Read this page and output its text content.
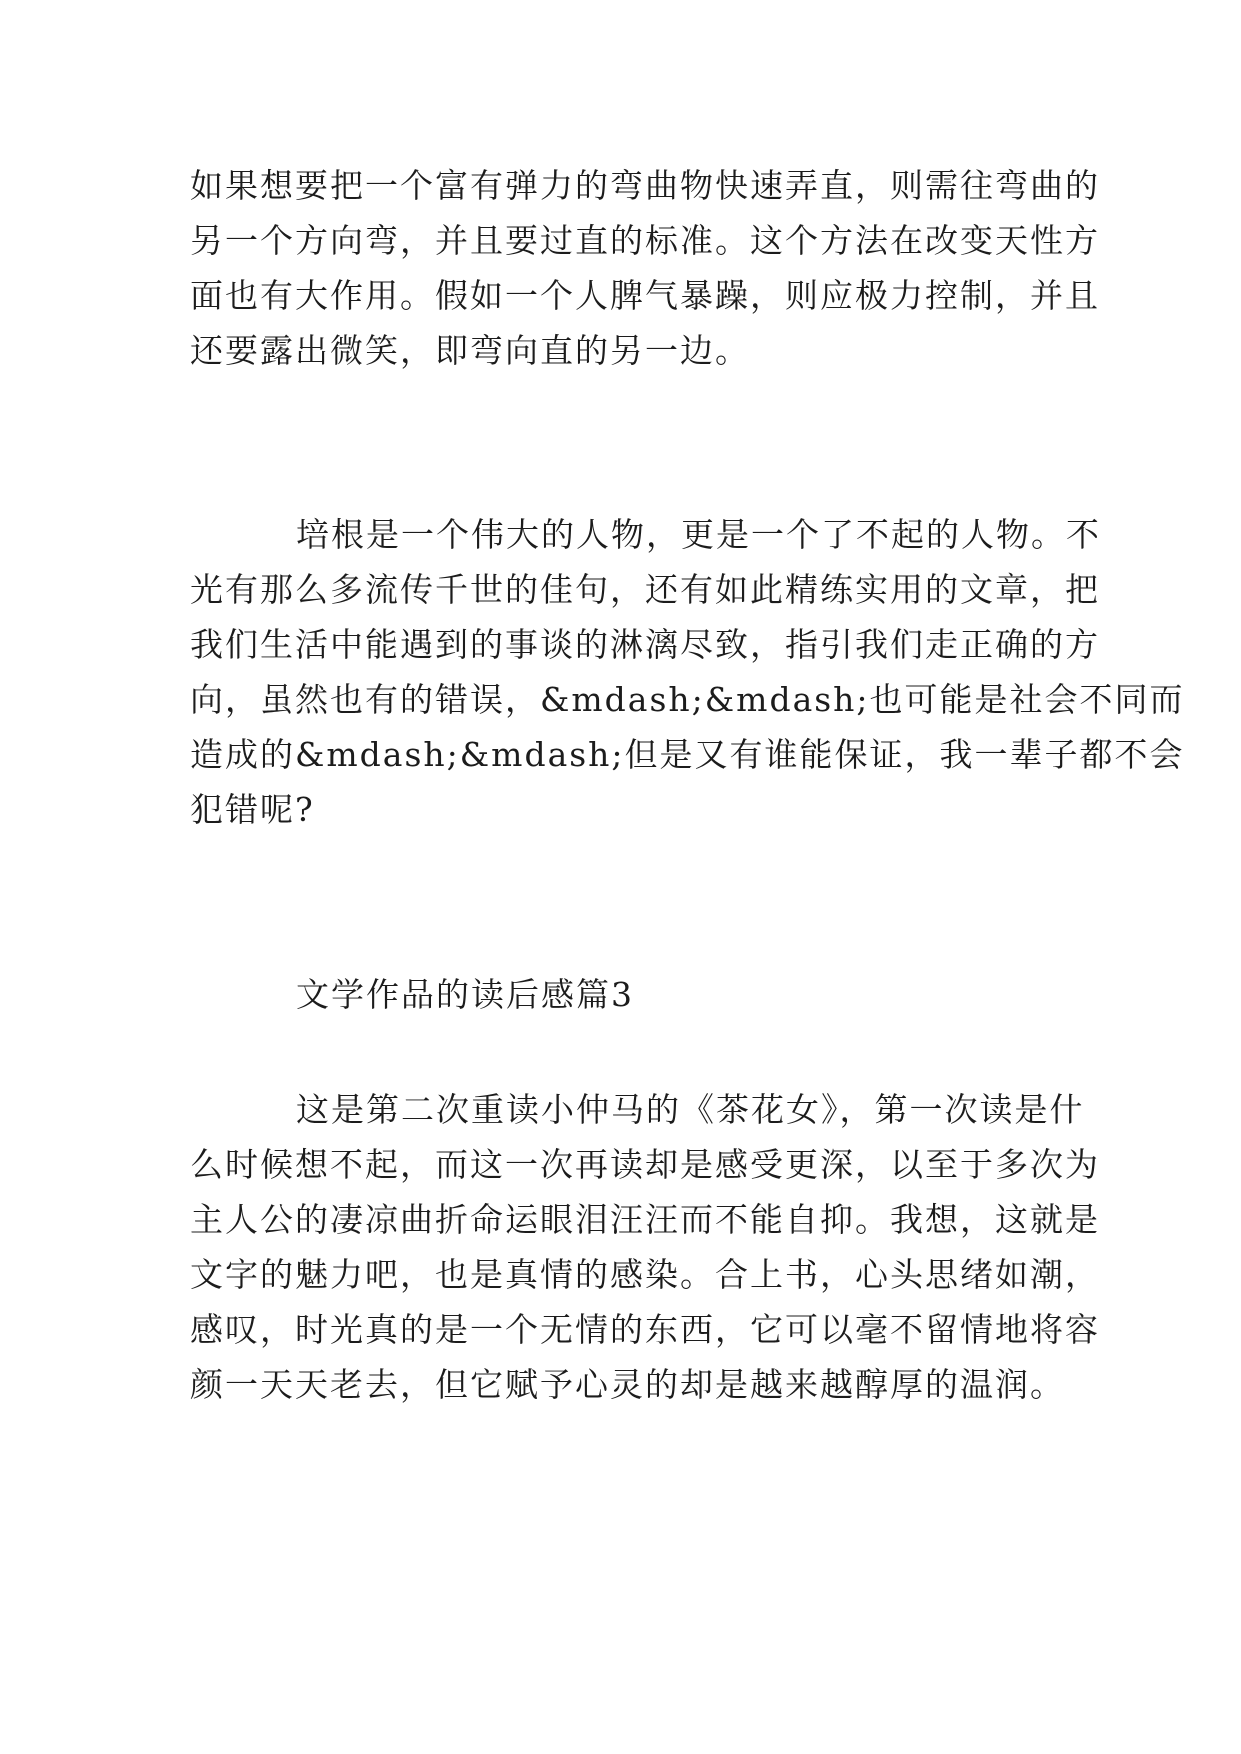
如果想要把一个富有弹力的弯曲物快速弄直，则需往弯曲的

另一个方向弯，并且要过直的标准。这个方法在改变天性方

面也有大作用。假如一个人脾气暴躁，则应极力控制，并且

还要露出微笑，即弯向直的另一边。

培根是一个伟大的人物，更是一个了不起的人物。不

光有那么多流传千世的佳句，还有如此精练实用的文章，把

我们生活中能遇到的事谈的淋漓尽致，指引我们走正确的方

向，虽然也有的错误，&mdash;&mdash;也可能是社会不同而

造成的&mdash;&mdash;但是又有谁能保证，我一辈子都不会

犯错呢?

文学作品的读后感篇3

这是第二次重读小仲马的《茶花女》，第一次读是什

么时候想不起，而这一次再读却是感受更深，以至于多次为

主人公的凄凉曲折命运眼泪汪汪而不能自抑。我想，这就是

文字的魅力吧，也是真情的感染。合上书，心头思绪如潮，

感叹，时光真的是一个无情的东西，它可以毫不留情地将容

颜一天天老去，但它赋予心灵的却是越来越醇厚的温润。
